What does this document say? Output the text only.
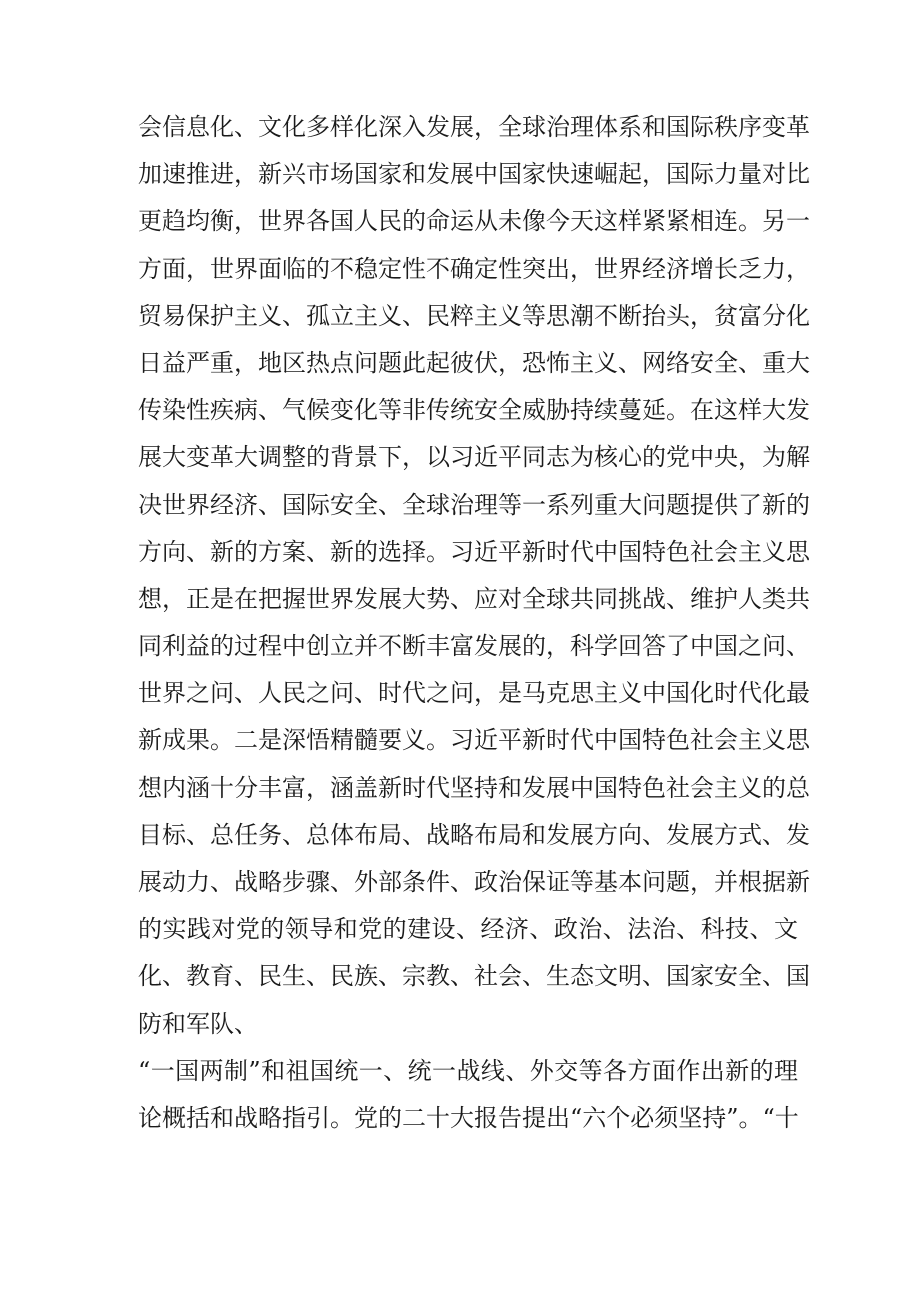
会信息化、文化多样化深入发展，全球治理体系和国际秩序变革
加速推进，新兴市场国家和发展中国家快速崛起，国际力量对比
更趋均衡，世界各国人民的命运从未像今天这样紧紧相连。另一
方面，世界面临的不稳定性不确定性突出，世界经济增长乏力，
贸易保护主义、孤立主义、民粹主义等思潮不断抬头，贫富分化
日益严重，地区热点问题此起彼伏，恐怖主义、网络安全、重大
传染性疾病、气候变化等非传统安全威胁持续蔓延。在这样大发
展大变革大调整的背景下，以习近平同志为核心的党中央，为解
决世界经济、国际安全、全球治理等一系列重大问题提供了新的
方向、新的方案、新的选择。习近平新时代中国特色社会主义思
想，正是在把握世界发展大势、应对全球共同挑战、维护人类共
同利益的过程中创立并不断丰富发展的，科学回答了中国之问、
世界之问、人民之问、时代之问，是马克思主义中国化时代化最
新成果。二是深悟精髓要义。习近平新时代中国特色社会主义思
想内涵十分丰富，涵盖新时代坚持和发展中国特色社会主义的总
目标、总任务、总体布局、战略布局和发展方向、发展方式、发
展动力、战略步骤、外部条件、政治保证等基本问题，并根据新
的实践对党的领导和党的建设、经济、政治、法治、科技、文
化、教育、民生、民族、宗教、社会、生态文明、国家安全、国
防和军队、
“一国两制”和祖国统一、统一战线、外交等各方面作出新的理
论概括和战略指引。党的二十大报告提出“六个必须坚持”。“十
